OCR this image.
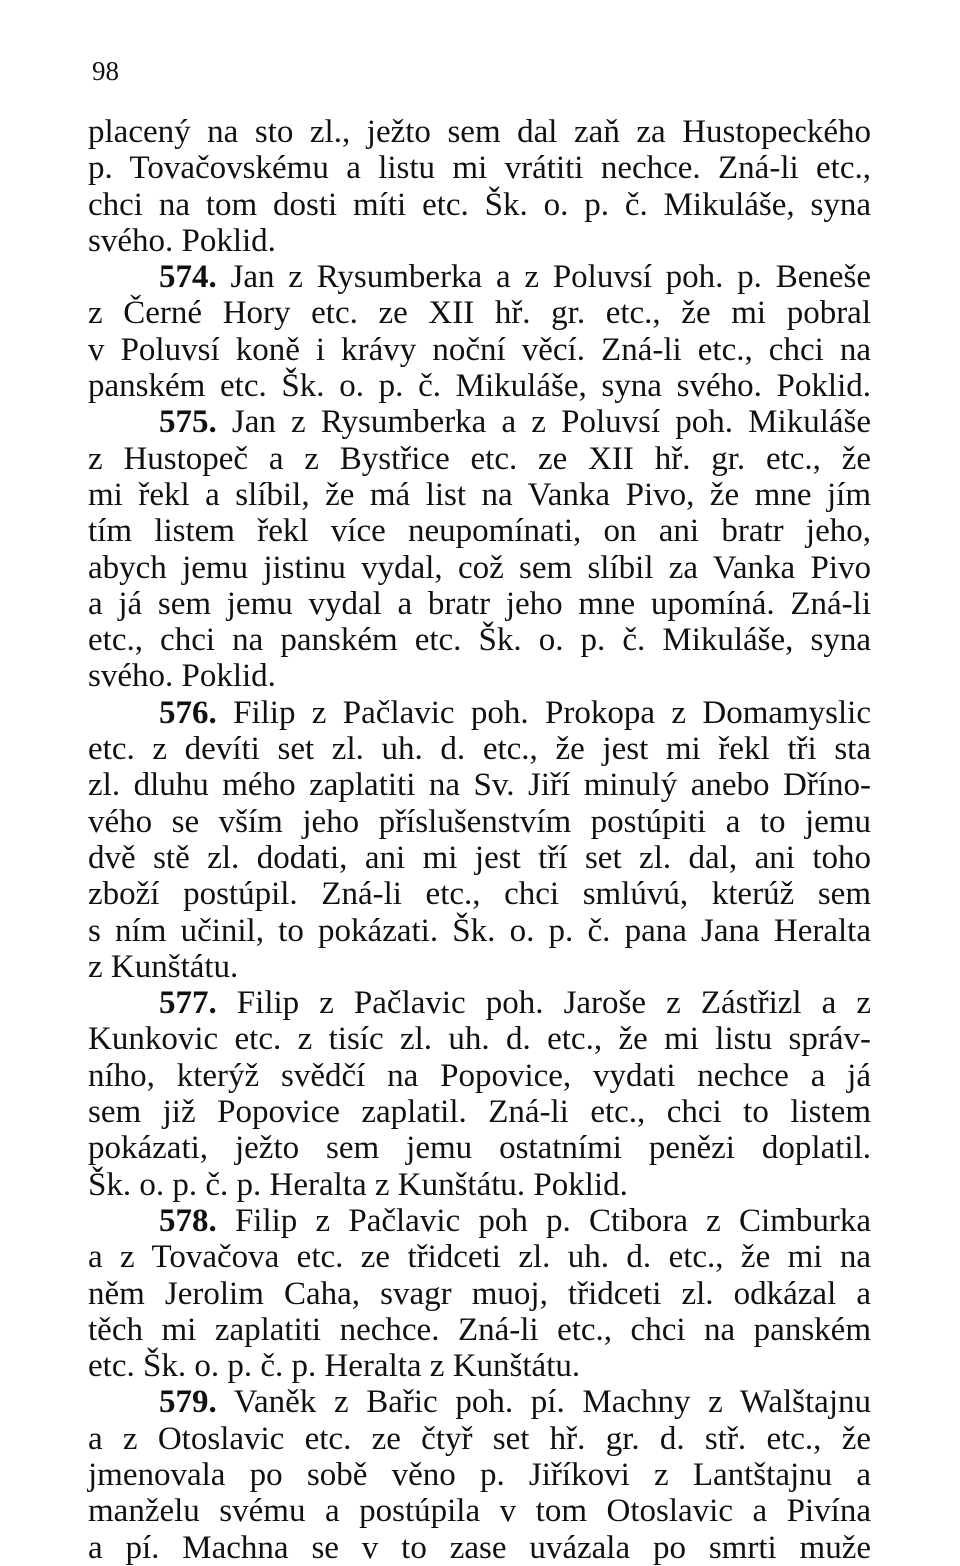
98
placený na sto zl., ježto sem dal zaň za Hustopeckého
p. Tovačovskému a listu mi vrátiti nechce. Zná-li etc.,
chci na tom dosti míti etc. Šk. o. p. č. Mikuláše, syna
svého. Poklid.
574. Jan z Rysumberka a z Poluvsí poh. p. Beneše
z Černé Hory etc. ze XII hř. gr. etc., že mi pobral
v Poluvsí koně i krávy noční věcí. Zná-li etc., chci na
panském etc. Šk. o. p. č. Mikuláše, syna svého. Poklid.
575. Jan z Rysumberka a z Poluvsí poh. Mikuláše
z Hustopeč a z Bystřice etc. ze XII hř. gr. etc., že
mi řekl a slíbil, že má list na Vanka Pivo, že mne jím
tím listem řekl více neupomínati, on ani bratr jeho,
abych jemu jistinu vydal, což sem slíbil za Vanka Pivo
a já sem jemu vydal a bratr jeho mne upomíná. Zná-li
etc., chci na panském etc. Šk. o. p. č. Mikuláše, syna
svého. Poklid.
576. Filip z Pačlavic poh. Prokopa z Domamyslic
etc. z devíti set zl. uh. d. etc., že jest mi řekl tři sta
zl. dluhu mého zaplatiti na Sv. Jiří minulý anebo Dříno-
vého se vším jeho příslušenstvím postúpiti a to jemu
dvě stě zl. dodati, ani mi jest tří set zl. dal, ani toho
zboží postúpil. Zná-li etc., chci smlúvú, kterúž sem
s ním učinil, to pokázati. Šk. o. p. č. pana Jana Heralta
z Kunštátu.
577. Filip z Pačlavic poh. Jaroše z Zástřizl a z
Kunkovic etc. z tisíc zl. uh. d. etc., že mi listu správ-
ního, kterýž svědčí na Popovice, vydati nechce a já
sem již Popovice zaplatil. Zná-li etc., chci to listem
pokázati, ježto sem jemu ostatními penězi doplatil.
Šk. o. p. č. p. Heralta z Kunštátu. Poklid.
578. Filip z Pačlavic poh p. Ctibora z Cimburka
a z Tovačova etc. ze třidceti zl. uh. d. etc., že mi na
něm Jerolim Caha, svagr muoj, třidceti zl. odkázal a
těch mi zaplatiti nechce. Zná-li etc., chci na panském
etc. Šk. o. p. č. p. Heralta z Kunštátu.
579. Vaněk z Bařic poh. pí. Machny z Walštajnu
a z Otoslavic etc. ze čtyř set hř. gr. d. stř. etc., že
jmenovala po sobě věno p. Jiříkovi z Lantštajnu a
manželu svému a postúpila v tom Otoslavic a Pivína
a pí. Machna se v to zase uvázala po smrti muže
